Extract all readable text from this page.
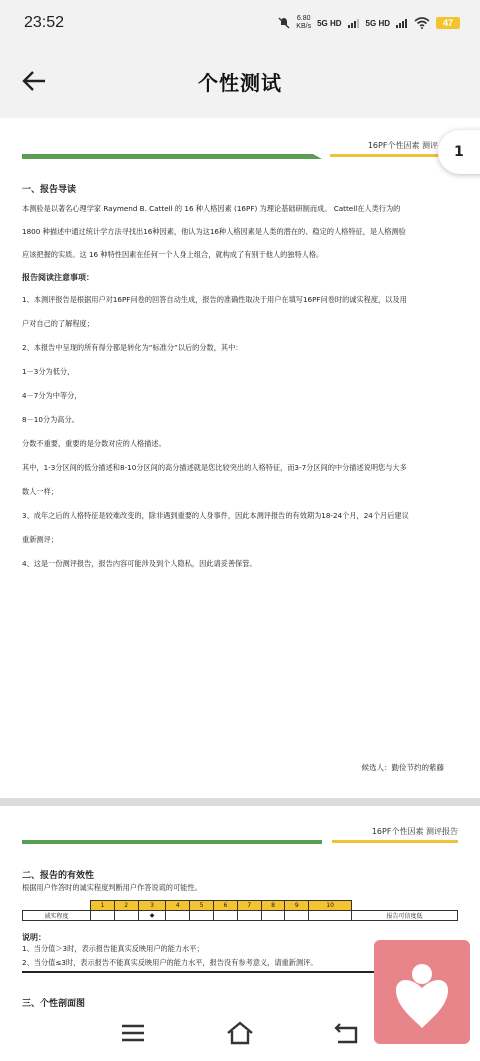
23:52	6.80
KB/s 5G HD	5G HD	47
个性测试
16PF个性因素 测评	1
一、报告导读
本测验是以著名心理学家 Raymend B. Cattell 的 16 种人格因素 (16PF) 为理论基础研制而成。 Cattell在人类行为的
1800 种描述中通过统计学方法寻找出16种因素，他认为这16种人格因素是人类的潜在的、稳定的人格特征，是人格测验
应该把握的实质。这 16 种特性因素在任何一个人身上组合，就构成了有别于他人的独特人格。
报告阅读注意事项：
1、本测评报告是根据用户对16PF问卷的回答自动生成，报告的准确性取决于用户在填写16PF问卷时的诚实程度，以及用
户对自己的了解程度；
2、本报告中呈现的所有得分都是转化为“标准分”以后的分数，其中：
1－3分为低分，
4－7分为中等分，
8－10分为高分。
分数不重要，重要的是分数对应的人格描述。
其中，1-3分区间的低分描述和8-10分区间的高分描述就是您比较突出的人格特征，而3-7分区间的中分描述说明您与大多
数人一样；
3、成年之后的人格特征是较难改变的，除非遇到重要的人身事件，因此本测评报告的有效期为18-24个月，24个月后建议
重新测评；
4、这是一份测评报告，报告内容可能涉及到个人隐私，因此请妥善保管。
候选人：勤俭节约的紫藤
16PF个性因素 测评报告
二、报告的有效性
根据用户作答时的诚实程度判断用户作答说谎的可能性。
	1	2	3	4	5	6	7	8	9	10	
诚实程度			◆								报告可信度低
说明：
1、当分值＞3时，表示报告能真实反映用户的能力水平；
2、当分值≤3时，表示报告不能真实反映用户的能力水平，报告没有参考意义，请重新测评。
三、个性剖面图
